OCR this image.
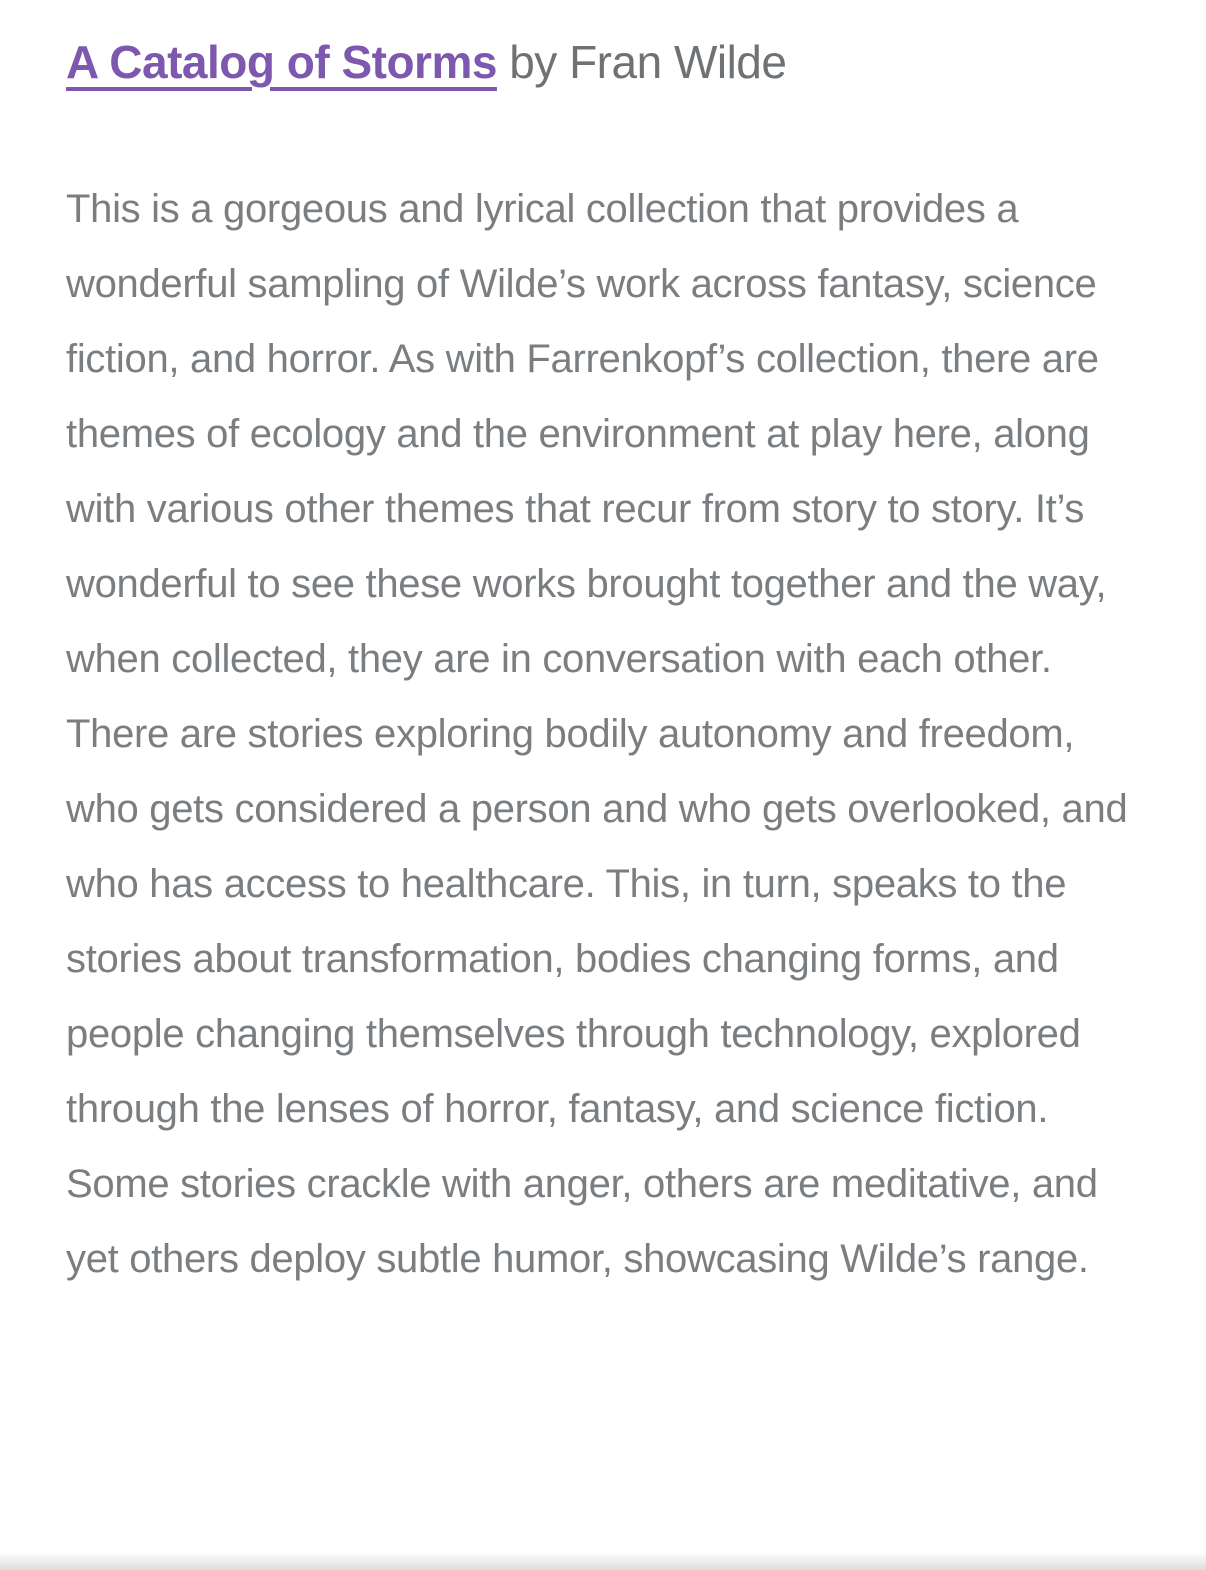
A Catalog of Storms by Fran Wilde

This is a gorgeous and lyrical collection that provides a wonderful sampling of Wilde’s work across fantasy, science fiction, and horror. As with Farrenkopf’s collection, there are themes of ecology and the environment at play here, along with various other themes that recur from story to story. It’s wonderful to see these works brought together and the way, when collected, they are in conversation with each other. There are stories exploring bodily autonomy and freedom, who gets considered a person and who gets overlooked, and who has access to healthcare. This, in turn, speaks to the stories about transformation, bodies changing forms, and people changing themselves through technology, explored through the lenses of horror, fantasy, and science fiction. Some stories crackle with anger, others are meditative, and yet others deploy subtle humor, showcasing Wilde’s range.
